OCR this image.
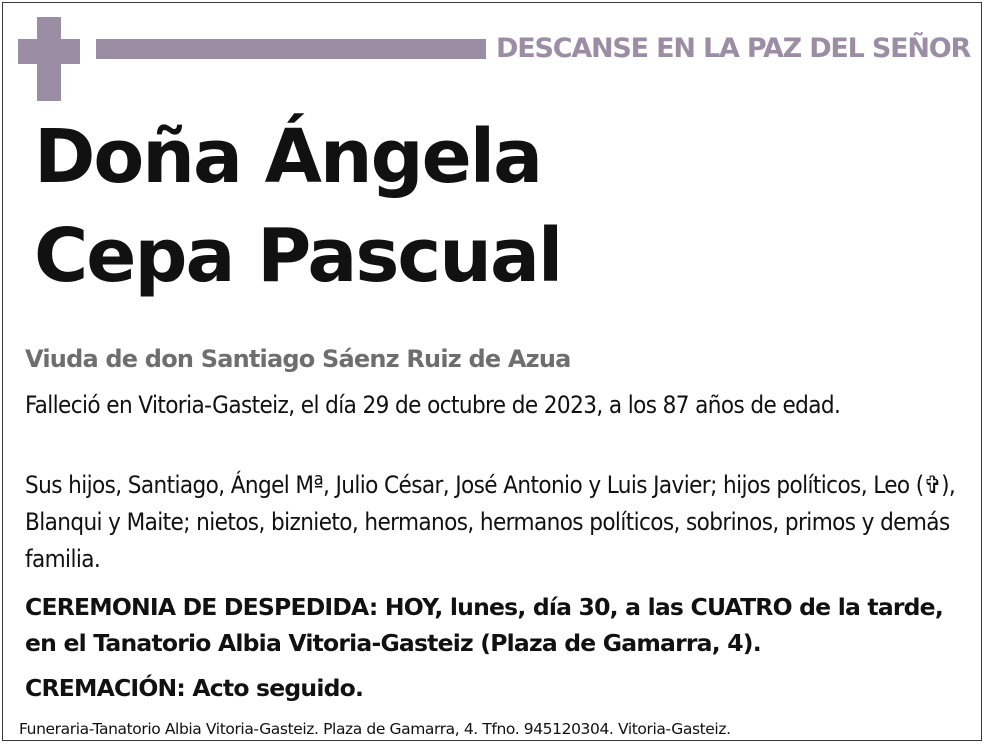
DESCANSE EN LA PAZ DEL SEÑOR
Doña Ángela
Cepa Pascual
Viuda de don Santiago Sáenz Ruiz de Azua

Falleció en Vitoria-Gasteiz, el día 29 de octubre de 2023, a los 87 años de edad.

Sus hijos, Santiago, Ángel Mª, Julio César, José Antonio y Luis Javier; hijos políticos, Leo (✞), Blanqui y Maite; nietos, biznieto, hermanos, hermanos políticos, sobrinos, primos y demás familia.

CEREMONIA DE DESPEDIDA: HOY, lunes, día 30, a las CUATRO de la tarde, en el Tanatorio Albia Vitoria-Gasteiz (Plaza de Gamarra, 4).

CREMACIÓN: Acto seguido.
Funeraria-Tanatorio Albia Vitoria-Gasteiz. Plaza de Gamarra, 4. Tfno. 945120304. Vitoria-Gasteiz.
